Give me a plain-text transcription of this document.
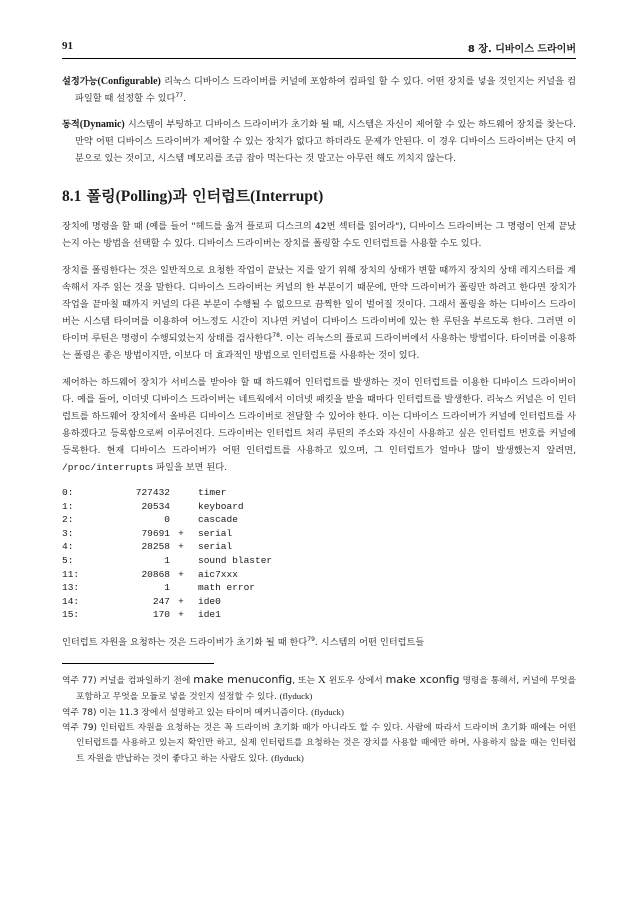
91	8 장. 디바이스 드라이버
설정가능(Configurable) 리눅스 디바이스 드라이버를 커널에 포함하여 컴파일 할 수 있다. 어떤 장치를 넣을 것인지는 커널을 컴파일할 때 설정할 수 있다$^{77}$.
동적(Dynamic) 시스템이 부팅하고 디바이스 드라이버가 초기화 될 때, 시스템은 자신이 제어할 수 있는 하드웨어 장치를 찾는다. 만약 어떤 디바이스 드라이버가 제어할 수 있는 장치가 없다고 하더라도 문제가 안된다. 이 경우 디바이스 드라이버는 단지 여분으로 있는 것이고, 시스템 메모리를 조금 잡아 먹는다는 것 말고는 아무런 해도 끼치지 않는다.
8.1 폴링(Polling)과 인터럽트(Interrupt)

장치에 명령을 할 때 (예를 들어 "헤드를 옮겨 플로피 디스크의 42번 섹터를 읽어라"), 디바이스 드라이버는 그 명령이 언제 끝났는지 아는 방법을 선택할 수 있다. 디바이스 드라이버는 장치를 폴링할 수도 인터럽트를 사용할 수도 있다.

장치를 폴링한다는 것은 일반적으로 요청한 작업이 끝났는 지를 알기 위해 장치의 상태가 변할 때까지 장치의 상태 레지스터를 계속해서 자주 읽는 것을 말한다. 디바이스 드라이버는 커널의 한 부분이기 때문에, 만약 드라이버가 폴링만 하려고 한다면 장치가 작업을 끝마칠 때까지 커널의 다른 부분이 수행될 수 없으므로 끔찍한 일이 벌어질 것이다. 그래서 폴링을 하는 디바이스 드라이버는 시스템 타이머를 이용하여 어느정도 시간이 지나면 커널이 디바이스 드라이버에 있는 한 루틴을 부르도록 한다. 그러면 이 타이머 루틴은 명령이 수행되었는지 상태를 검사한다$^{78}$. 이는 리눅스의 플로피 드라이버에서 사용하는 방법이다. 타이머를 이용하는 폴링은 좋은 방법이지만, 이보다 더 효과적인 방법으로 인터럽트를 사용하는 것이 있다.

제어하는 하드웨어 장치가 서비스를 받아야 할 때 하드웨어 인터럽트를 발생하는 것이 인터럽트를 이용한 디바이스 드라이버이다. 예를 들어, 이더넷 디바이스 드라이버는 네트웍에서 이더넷 패킷을 받을 때마다 인터럽트를 발생한다. 리눅스 커널은 이 인터럽트를 하드웨어 장치에서 올바른 디바이스 드라이버로 전달할 수 있어야 한다. 이는 디바이스 드라이버가 커널에 인터럽트를 사용하겠다고 등록함으로써 이루어진다. 드라이버는 인터럽트 처리 루틴의 주소와 자신이 사용하고 싶은 인터럽트 번호를 커널에 등록한다. 현재 디바이스 드라이버가 어떤 인터럽트를 사용하고 있으며, 그 인터럽트가 얼마나 많이 발생했는지 알려면, /proc/interrupts 파일을 보면 된다.

0:	727432		timer
1:	20534		keyboard
2:	0		cascade
3:	79691	+	serial
4:	28258	+	serial
5:	1		sound blaster
11:	20868	+	aic7xxx
13:	1		math error
14:	247	+	ide0
15:	170	+	ide1

인터럽트 자원을 요청하는 것은 드라이버가 초기화 될 때 한다$^{79}$. 시스템의 어떤 인터럽트들

역주 77) 커널을 컴파일하기 전에 make menuconfig, 또는 X 윈도우 상에서 make xconfig 명령을 통해서, 커널에 무엇을 포함하고 무엇을 모듈로 넣을 것인지 설정할 수 있다. (flyduck)

역주 78) 이는 11.3 장에서 설명하고 있는 타이머 메커니즘이다. (flyduck)

역주 79) 인터럽트 자원을 요청하는 것은 꼭 드라이버 초기화 때가 아니라도 할 수 있다. 사람에 따라서 드라이버 초기화 때에는 어떤 인터럽트를 사용하고 있는지 확인만 하고, 실제 인터럽트를 요청하는 것은 장치를 사용할 때에만 하며, 사용하지 않을 때는 인터럽트 자원을 반납하는 것이 좋다고 하는 사람도 있다. (flyduck)
